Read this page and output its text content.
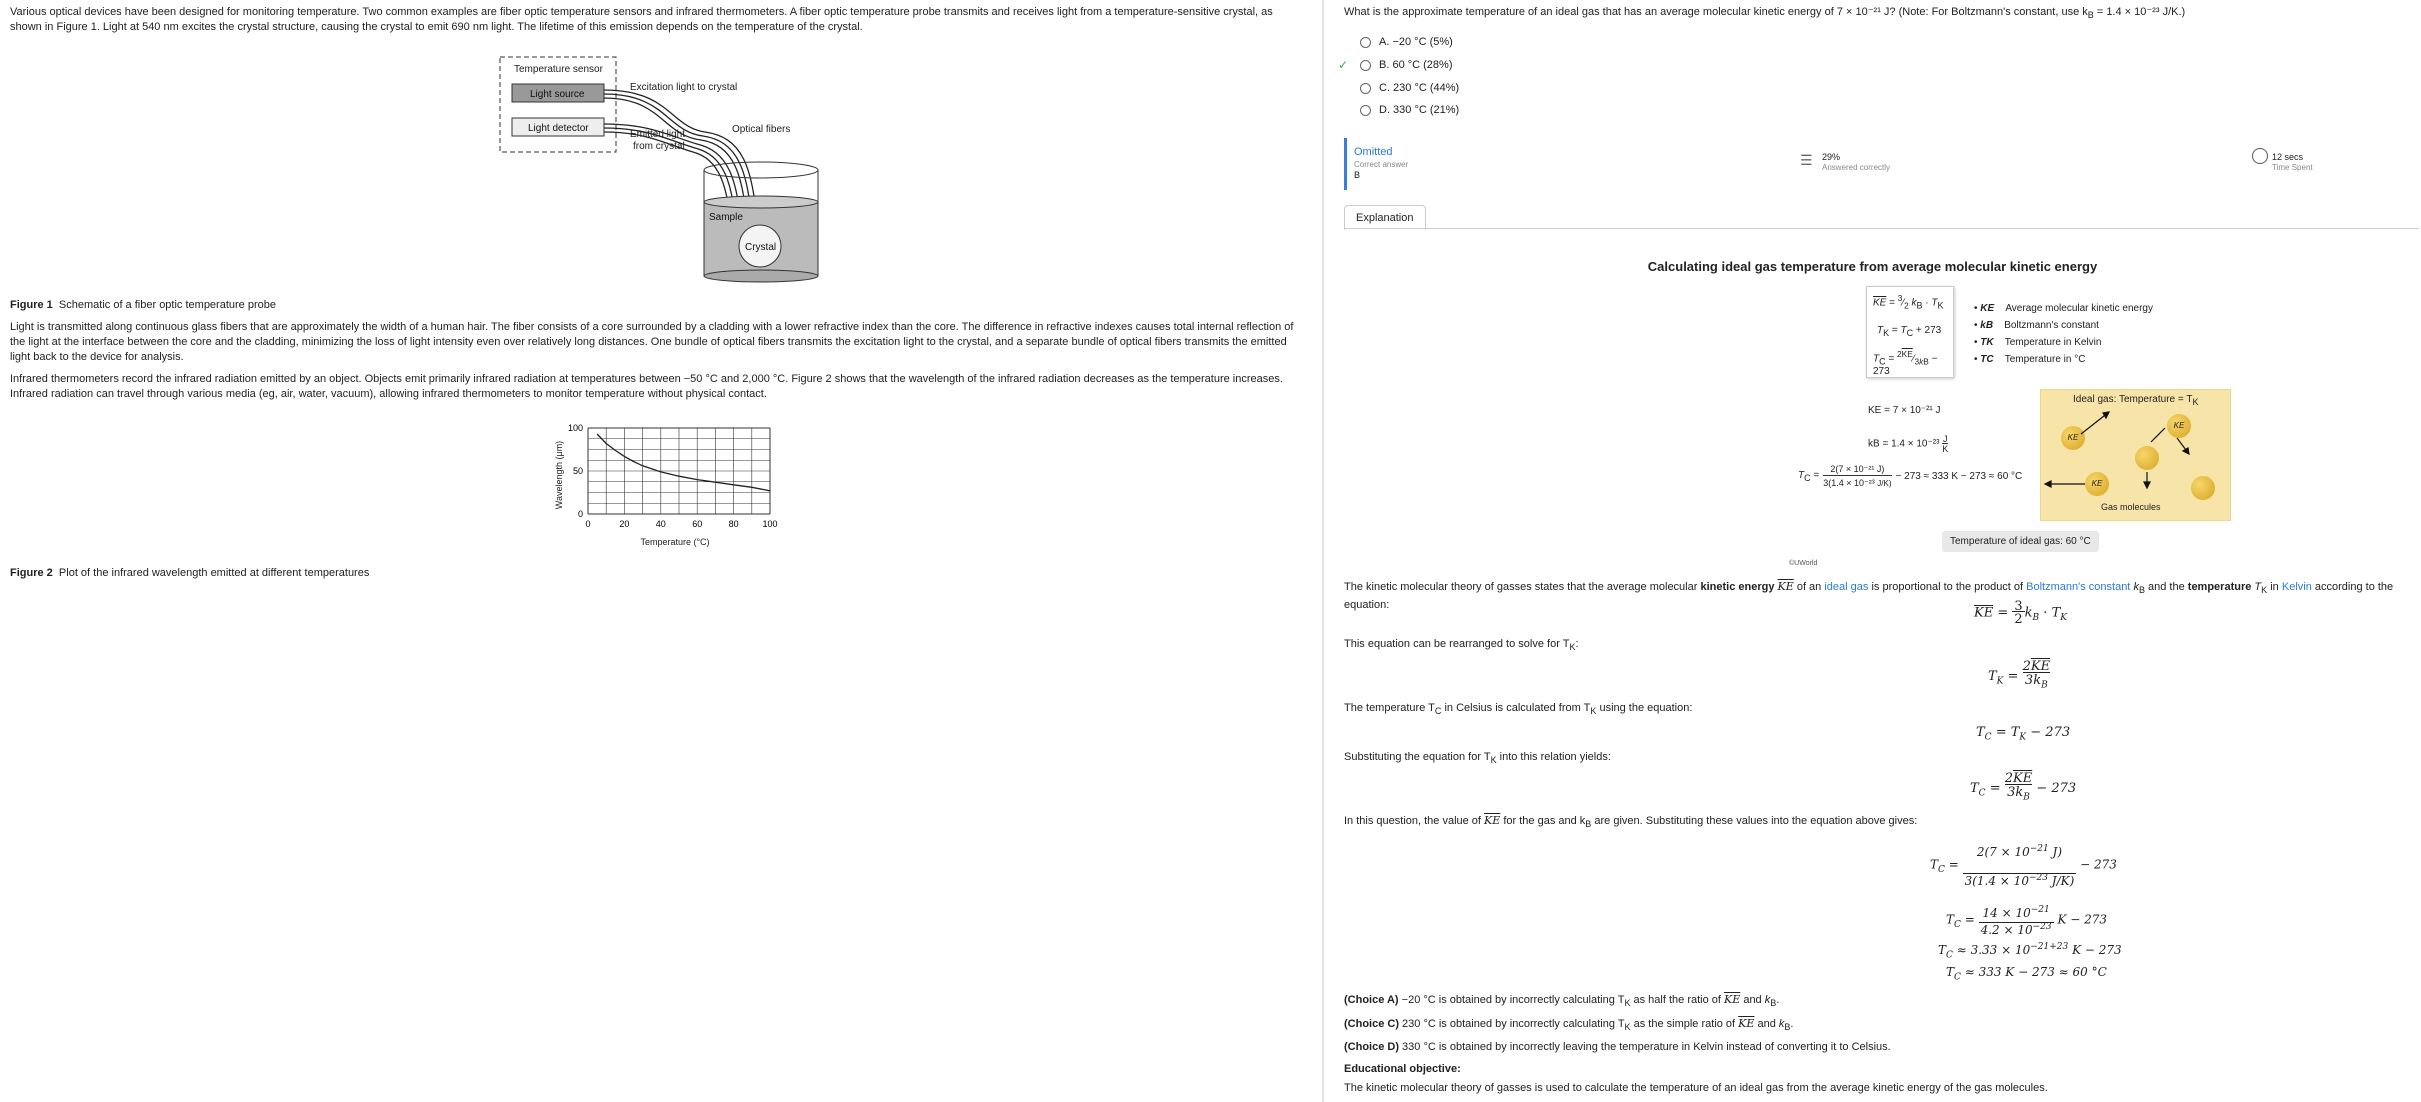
Various optical devices have been designed for monitoring temperature. Two common examples are fiber optic temperature sensors and infrared thermometers. A fiber optic temperature probe transmits and receives light from a temperature-sensitive crystal, as shown in Figure 1. Light at 540 nm excites the crystal structure, causing the crystal to emit 690 nm light. The lifetime of this emission depends on the temperature of the crystal.
Temperature sensor
Light source
Light detector
Excitation light to crystal
Emitted light
from crystal
Optical fibers
Sample
Crystal
Figure 1 Schematic of a fiber optic temperature probe
Light is transmitted along continuous glass fibers that are approximately the width of a human hair. The fiber consists of a core surrounded by a cladding with a lower refractive index than the core. The difference in refractive indexes causes total internal reflection of the light at the interface between the core and the cladding, minimizing the loss of light intensity even over relatively long distances. One bundle of optical fibers transmits the excitation light to the crystal, and a separate bundle of optical fibers transmits the emitted light back to the device for analysis.
Infrared thermometers record the infrared radiation emitted by an object. Objects emit primarily infrared radiation at temperatures between −50 °C and 2,000 °C. Figure 2 shows that the wavelength of the infrared radiation decreases as the temperature increases. Infrared radiation can travel through various media (eg, air, water, vacuum), allowing infrared thermometers to monitor temperature without physical contact.
0
50
100
0	20	40	60	80	100
Wavelength (μm)
Temperature (°C)
Figure 2 Plot of the infrared wavelength emitted at different temperatures
What is the approximate temperature of an ideal gas that has an average molecular kinetic energy of 7 × 10⁻²¹ J? (Note: For Boltzmann's constant, use $k_B = 1.4 \times 10^{-23}$ J/K.)
A. −20 °C (5%)
✓	B. 60 °C (28%)
C. 230 °C (44%)
D. 330 °C (21%)
Omitted
Correct answer
B
☰ 29%
Answered correctly
12 secs
Time Spent
Explanation
Calculating ideal gas temperature from average molecular kinetic energy
$\overline{KE}$ = $^3⁄_2$ $k_B \cdot T_K$
$T_K = T_C + 273$
$T_C$ = $^{2\overline{KE}}⁄_{3kB} - 273$
• KE Average molecular kinetic energy
• kB Boltzmann's constant
• TK Temperature in Kelvin
• TC Temperature in °C
KE = 7 × 10⁻²¹ J
kB = $1.4 \times 10^{-23} \frac{J}{K}$
$T_C = \frac{\text{2(7 × 10⁻²¹ J)}}{\text{3(1.4 × 10⁻²³ J/K)}} - 273 \approx 333$ K − 273 ≈ 60 °C
Ideal gas: Temperature = $T_K$
KE
KE
KE
Gas molecules
Temperature of ideal gas: 60 °C
©UWorld
The kinetic molecular theory of gasses states that the average molecular kinetic energy $\overline{KE}$ of an ideal gas is proportional to the product of Boltzmann's constant $k_B$ and the temperature $T_K$ in Kelvin according to the equation:
$\overline{KE} = 3$
2 $k_B \cdot T_K$
This equation can be rearranged to solve for $T_K$:
$T_K = 2\overline{KE}$
$3k_B$
The temperature $T_C$ in Celsius is calculated from $T_K$ using the equation:
$T_C = T_K - 273$
Substituting the equation for $T_K$ into this relation yields:
$T_C = 2\overline{KE}$
$3k_B - 273$
In this question, the value of $\overline{KE}$ for the gas and $k_B$ are given. Substituting these values into the equation above gives:
$T_C = 2(7 \times 10^{-21}$ J)
$3(1.4 \times 10^{-23}$ J/K) − 273
$T_C = 14 \times 10^{-21}$
$4.2 \times 10^{-23}$ K − 273
$T_C \approx 3.33 \times 10^{-21+23}$ K − 273
$T_C \approx 333$ K − 273 ≈ 60 °C
(Choice A) −20 °C is obtained by incorrectly calculating $T_K$ as half the ratio of $\overline{KE}$ and $k_B$.
(Choice C) 230 °C is obtained by incorrectly calculating $T_K$ as the simple ratio of $\overline{KE}$ and $k_B$.
(Choice D) 330 °C is obtained by incorrectly leaving the temperature in Kelvin instead of converting it to Celsius.
Educational objective:
The kinetic molecular theory of gasses is used to calculate the temperature of an ideal gas from the average kinetic energy of the gas molecules.
